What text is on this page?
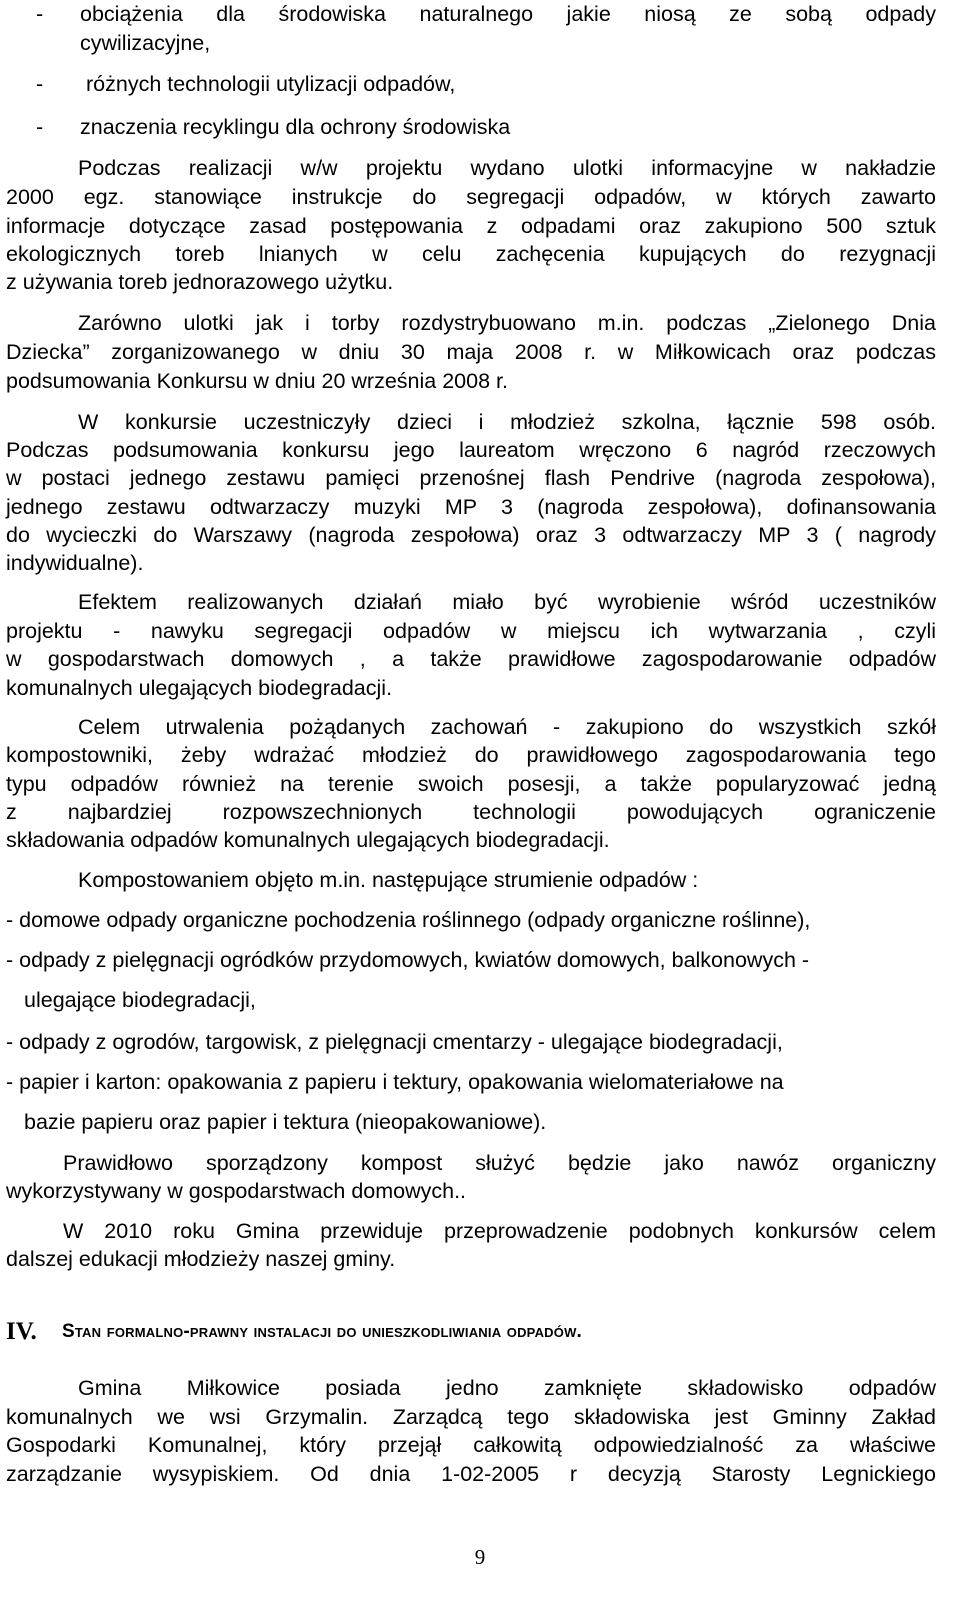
-
-
-
obciążenia dla środowiska naturalnego jakie niosą ze sobą odpady
cywilizacyjne,
różnych technologii utylizacji odpadów,
znaczenia recyklingu dla ochrony środowiska
Podczas realizacji w/w projektu wydano ulotki informacyjne w nakładzie
2000 egz. stanowiące instrukcje do segregacji odpadów, w których zawarto
informacje dotyczące zasad postępowania z odpadami oraz zakupiono 500 sztuk
ekologicznych toreb lnianych w celu zachęcenia kupujących do rezygnacji
z używania toreb jednorazowego użytku.
Zarówno ulotki jak i torby rozdystrybuowano m.in. podczas „Zielonego Dnia
Dziecka” zorganizowanego w dniu 30 maja 2008 r. w Miłkowicach oraz podczas
podsumowania Konkursu w dniu 20 września 2008 r.
W konkursie uczestniczyły dzieci i młodzież szkolna, łącznie 598 osób.
Podczas podsumowania konkursu jego laureatom wręczono 6 nagród rzeczowych
w postaci jednego zestawu pamięci przenośnej flash Pendrive (nagroda zespołowa),
jednego zestawu odtwarzaczy muzyki MP 3 (nagroda zespołowa), dofinansowania
do wycieczki do Warszawy (nagroda zespołowa) oraz 3 odtwarzaczy MP 3 ( nagrody
indywidualne).
Efektem realizowanych działań miało być wyrobienie wśród uczestników
projektu - nawyku segregacji odpadów w miejscu ich wytwarzania , czyli
w gospodarstwach domowych , a także prawidłowe zagospodarowanie odpadów
komunalnych ulegających biodegradacji.
Celem utrwalenia pożądanych zachowań - zakupiono do wszystkich szkół
kompostowniki, żeby wdrażać młodzież do prawidłowego zagospodarowania tego
typu odpadów również na terenie swoich posesji, a także popularyzować jedną
z najbardziej rozpowszechnionych technologii powodujących ograniczenie
składowania odpadów komunalnych ulegających biodegradacji.
Kompostowaniem objęto m.in. następujące strumienie odpadów :
- domowe odpady organiczne pochodzenia roślinnego (odpady organiczne roślinne),
- odpady z pielęgnacji ogródków przydomowych, kwiatów domowych, balkonowych -
ulegające biodegradacji,
- odpady z ogrodów, targowisk, z pielęgnacji cmentarzy - ulegające biodegradacji,
- papier i karton: opakowania z papieru i tektury, opakowania wielomateriałowe na
bazie papieru oraz papier i tektura (nieopakowaniowe).
Prawidłowo sporządzony kompost służyć będzie jako nawóz organiczny
wykorzystywany w gospodarstwach domowych..
W 2010 roku Gmina przewiduje przeprowadzenie podobnych konkursów celem
dalszej edukacji młodzieży naszej gminy.
IV. Stan formalno-prawny instalacji do unieszkodliwiania odpadów.
Gmina Miłkowice posiada jedno zamknięte składowisko odpadów
komunalnych we wsi Grzymalin. Zarządcą tego składowiska jest Gminny Zakład
Gospodarki Komunalnej, który przejął całkowitą odpowiedzialność za właściwe
zarządzanie wysypiskiem. Od dnia 1-02-2005 r decyzją Starosty Legnickiego
9
